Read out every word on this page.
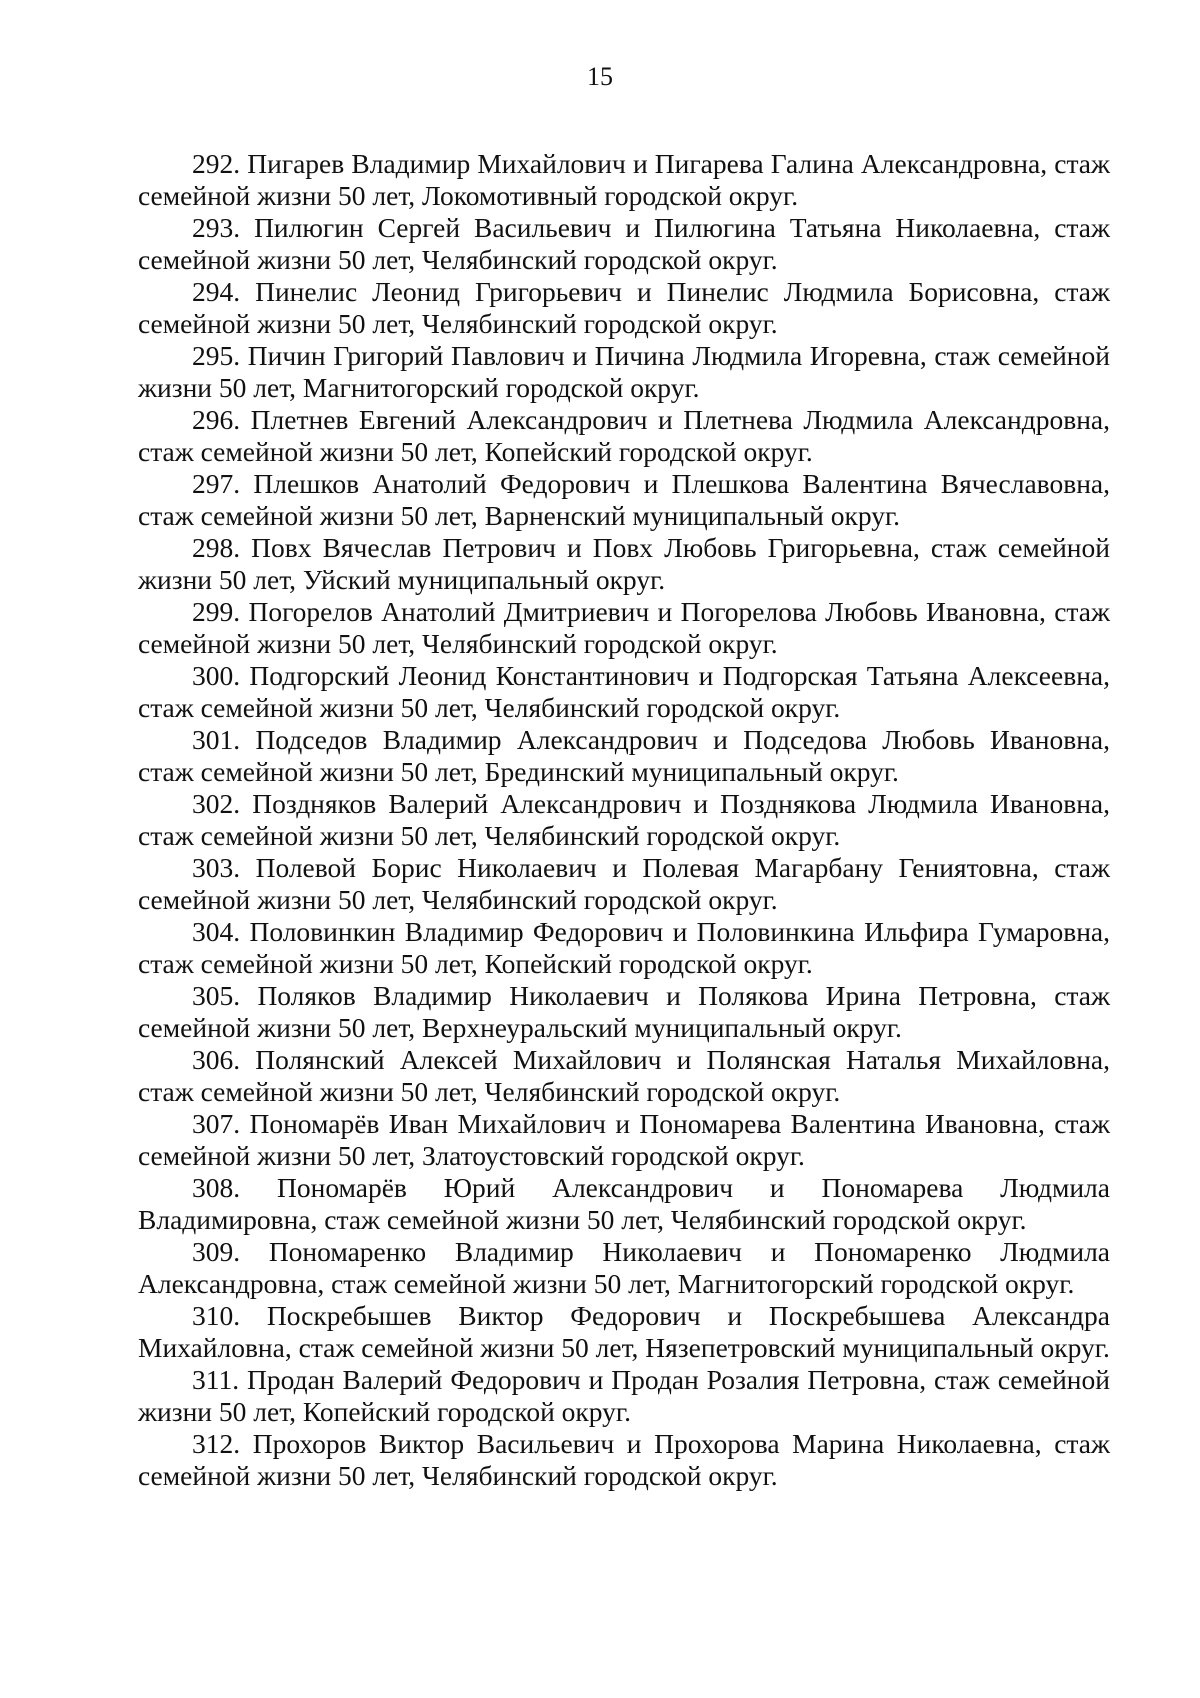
15

292. Пигарев Владимир Михайлович и Пигарева Галина Александровна, стаж семейной жизни 50 лет, Локомотивный городской округ.

293. Пилюгин Сергей Васильевич и Пилюгина Татьяна Николаевна, стаж семейной жизни 50 лет, Челябинский городской округ.

294. Пинелис Леонид Григорьевич и Пинелис Людмила Борисовна, стаж семейной жизни 50 лет, Челябинский городской округ.

295. Пичин Григорий Павлович и Пичина Людмила Игоревна, стаж семейной жизни 50 лет, Магнитогорский городской округ.

296. Плетнев Евгений Александрович и Плетнева Людмила Александровна, стаж семейной жизни 50 лет, Копейский городской округ.

297. Плешков Анатолий Федорович и Плешкова Валентина Вячеславовна, стаж семейной жизни 50 лет, Варненский муниципальный округ.

298. Повх Вячеслав Петрович и Повх Любовь Григорьевна, стаж семейной жизни 50 лет, Уйский муниципальный округ.

299. Погорелов Анатолий Дмитриевич и Погорелова Любовь Ивановна, стаж семейной жизни 50 лет, Челябинский городской округ.

300. Подгорский Леонид Константинович и Подгорская Татьяна Алексеевна, стаж семейной жизни 50 лет, Челябинский городской округ.

301. Подседов Владимир Александрович и Подседова Любовь Ивановна, стаж семейной жизни 50 лет, Брединский муниципальный округ.

302. Поздняков Валерий Александрович и Позднякова Людмила Ивановна, стаж семейной жизни 50 лет, Челябинский городской округ.

303. Полевой Борис Николаевич и Полевая Магарбану Гениятовна, стаж семейной жизни 50 лет, Челябинский городской округ.

304. Половинкин Владимир Федорович и Половинкина Ильфира Гумаровна, стаж семейной жизни 50 лет, Копейский городской округ.

305. Поляков Владимир Николаевич и Полякова Ирина Петровна, стаж семейной жизни 50 лет, Верхнеуральский муниципальный округ.

306. Полянский Алексей Михайлович и Полянская Наталья Михайловна, стаж семейной жизни 50 лет, Челябинский городской округ.

307. Пономарёв Иван Михайлович и Пономарева Валентина Ивановна, стаж семейной жизни 50 лет, Златоустовский городской округ.

308. Пономарёв Юрий Александрович и Пономарева Людмила Владимировна, стаж семейной жизни 50 лет, Челябинский городской округ.

309. Пономаренко Владимир Николаевич и Пономаренко Людмила Александровна, стаж семейной жизни 50 лет, Магнитогорский городской округ.

310. Поскребышев Виктор Федорович и Поскребышева Александра Михайловна, стаж семейной жизни 50 лет, Нязепетровский муниципальный округ.

311. Продан Валерий Федорович и Продан Розалия Петровна, стаж семейной жизни 50 лет, Копейский городской округ.

312. Прохоров Виктор Васильевич и Прохорова Марина Николаевна, стаж семейной жизни 50 лет, Челябинский городской округ.
